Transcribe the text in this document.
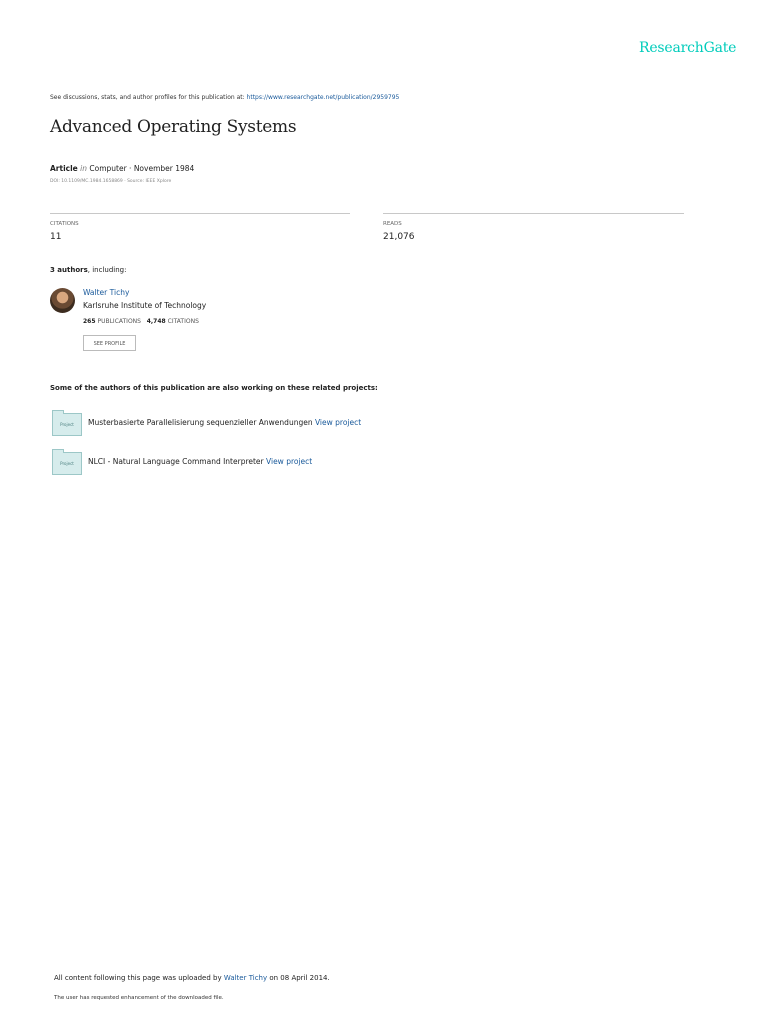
ResearchGate
See discussions, stats, and author profiles for this publication at: https://www.researchgate.net/publication/2959795
Advanced Operating Systems
Article in Computer · November 1984
DOI: 10.1109/MC.1984.1658869 · Source: IEEE Xplore
CITATIONS
11
READS
21,076
3 authors, including:
Walter Tichy
Karlsruhe Institute of Technology
265 PUBLICATIONS 4,748 CITATIONS
SEE PROFILE
Some of the authors of this publication are also working on these related projects:
Project	Musterbasierte Parallelisierung sequenzieller Anwendungen View project
Project	NLCI - Natural Language Command Interpreter View project
All content following this page was uploaded by Walter Tichy on 08 April 2014.
The user has requested enhancement of the downloaded file.
